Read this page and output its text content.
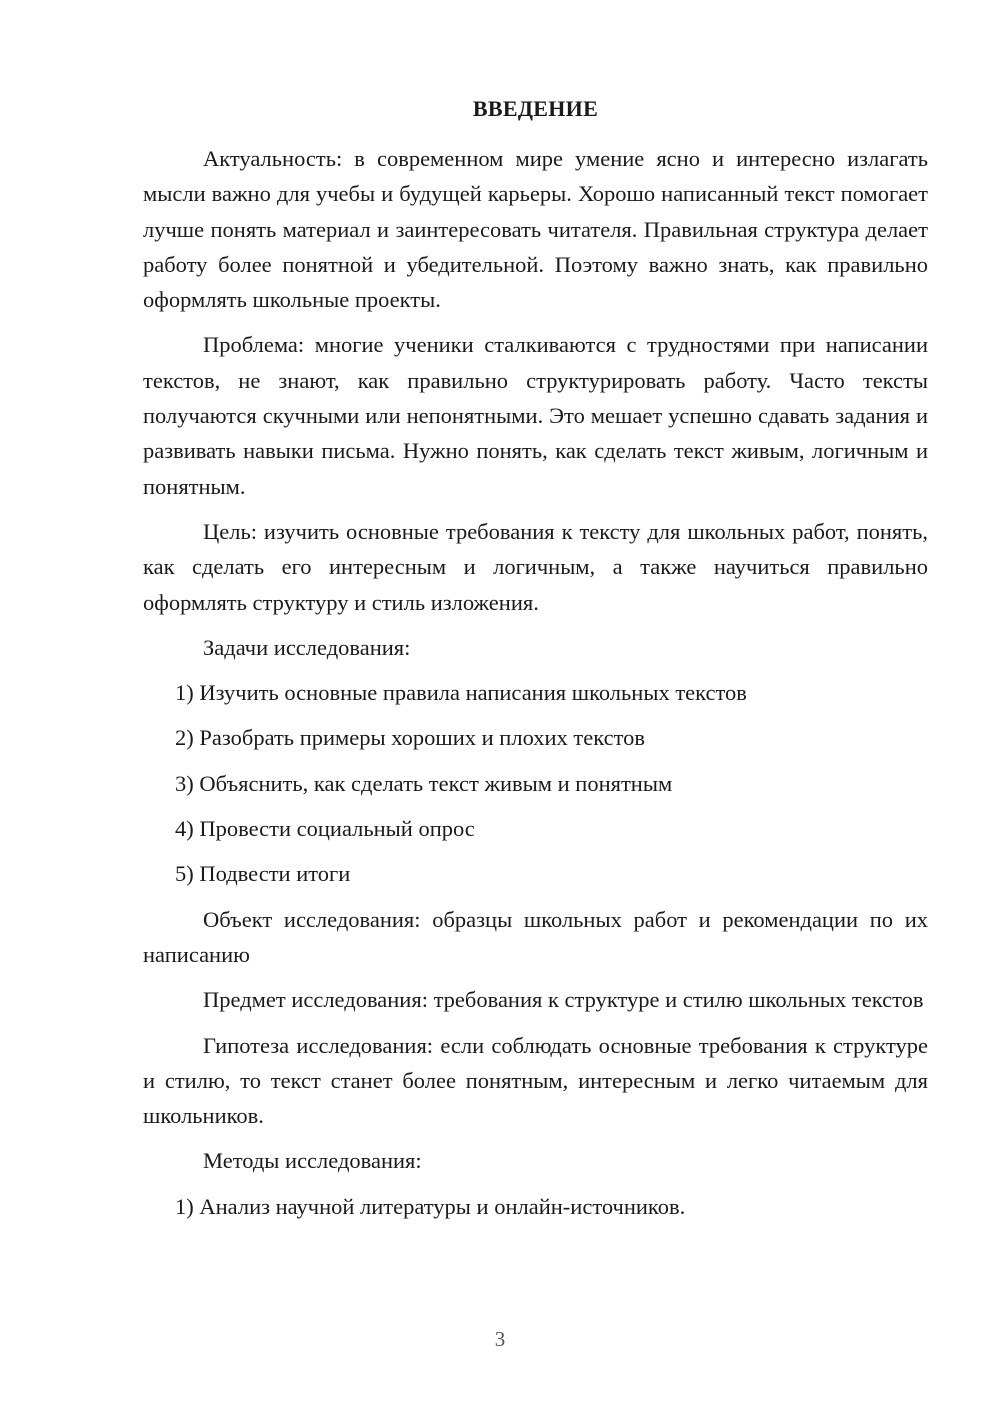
ВВЕДЕНИЕ

Актуальность: в современном мире умение ясно и интересно излагать мысли важно для учебы и будущей карьеры. Хорошо написанный текст помогает лучше понять материал и заинтересовать читателя. Правильная структура делает работу более понятной и убедительной. Поэтому важно знать, как правильно оформлять школьные проекты.

Проблема: многие ученики сталкиваются с трудностями при написании текстов, не знают, как правильно структурировать работу. Часто тексты получаются скучными или непонятными. Это мешает успешно сдавать задания и развивать навыки письма. Нужно понять, как сделать текст живым, логичным и понятным.

Цель: изучить основные требования к тексту для школьных работ, понять, как сделать его интересным и логичным, а также научиться правильно оформлять структуру и стиль изложения.

Задачи исследования:

1) Изучить основные правила написания школьных текстов
2) Разобрать примеры хороших и плохих текстов
3) Объяснить, как сделать текст живым и понятным
4) Провести социальный опрос
5) Подвести итоги

Объект исследования: образцы школьных работ и рекомендации по их написанию

Предмет исследования: требования к структуре и стилю школьных текстов

Гипотеза исследования: если соблюдать основные требования к структуре и стилю, то текст станет более понятным, интересным и легко читаемым для школьников.

Методы исследования:

1) Анализ научной литературы и онлайн-источников.
3
